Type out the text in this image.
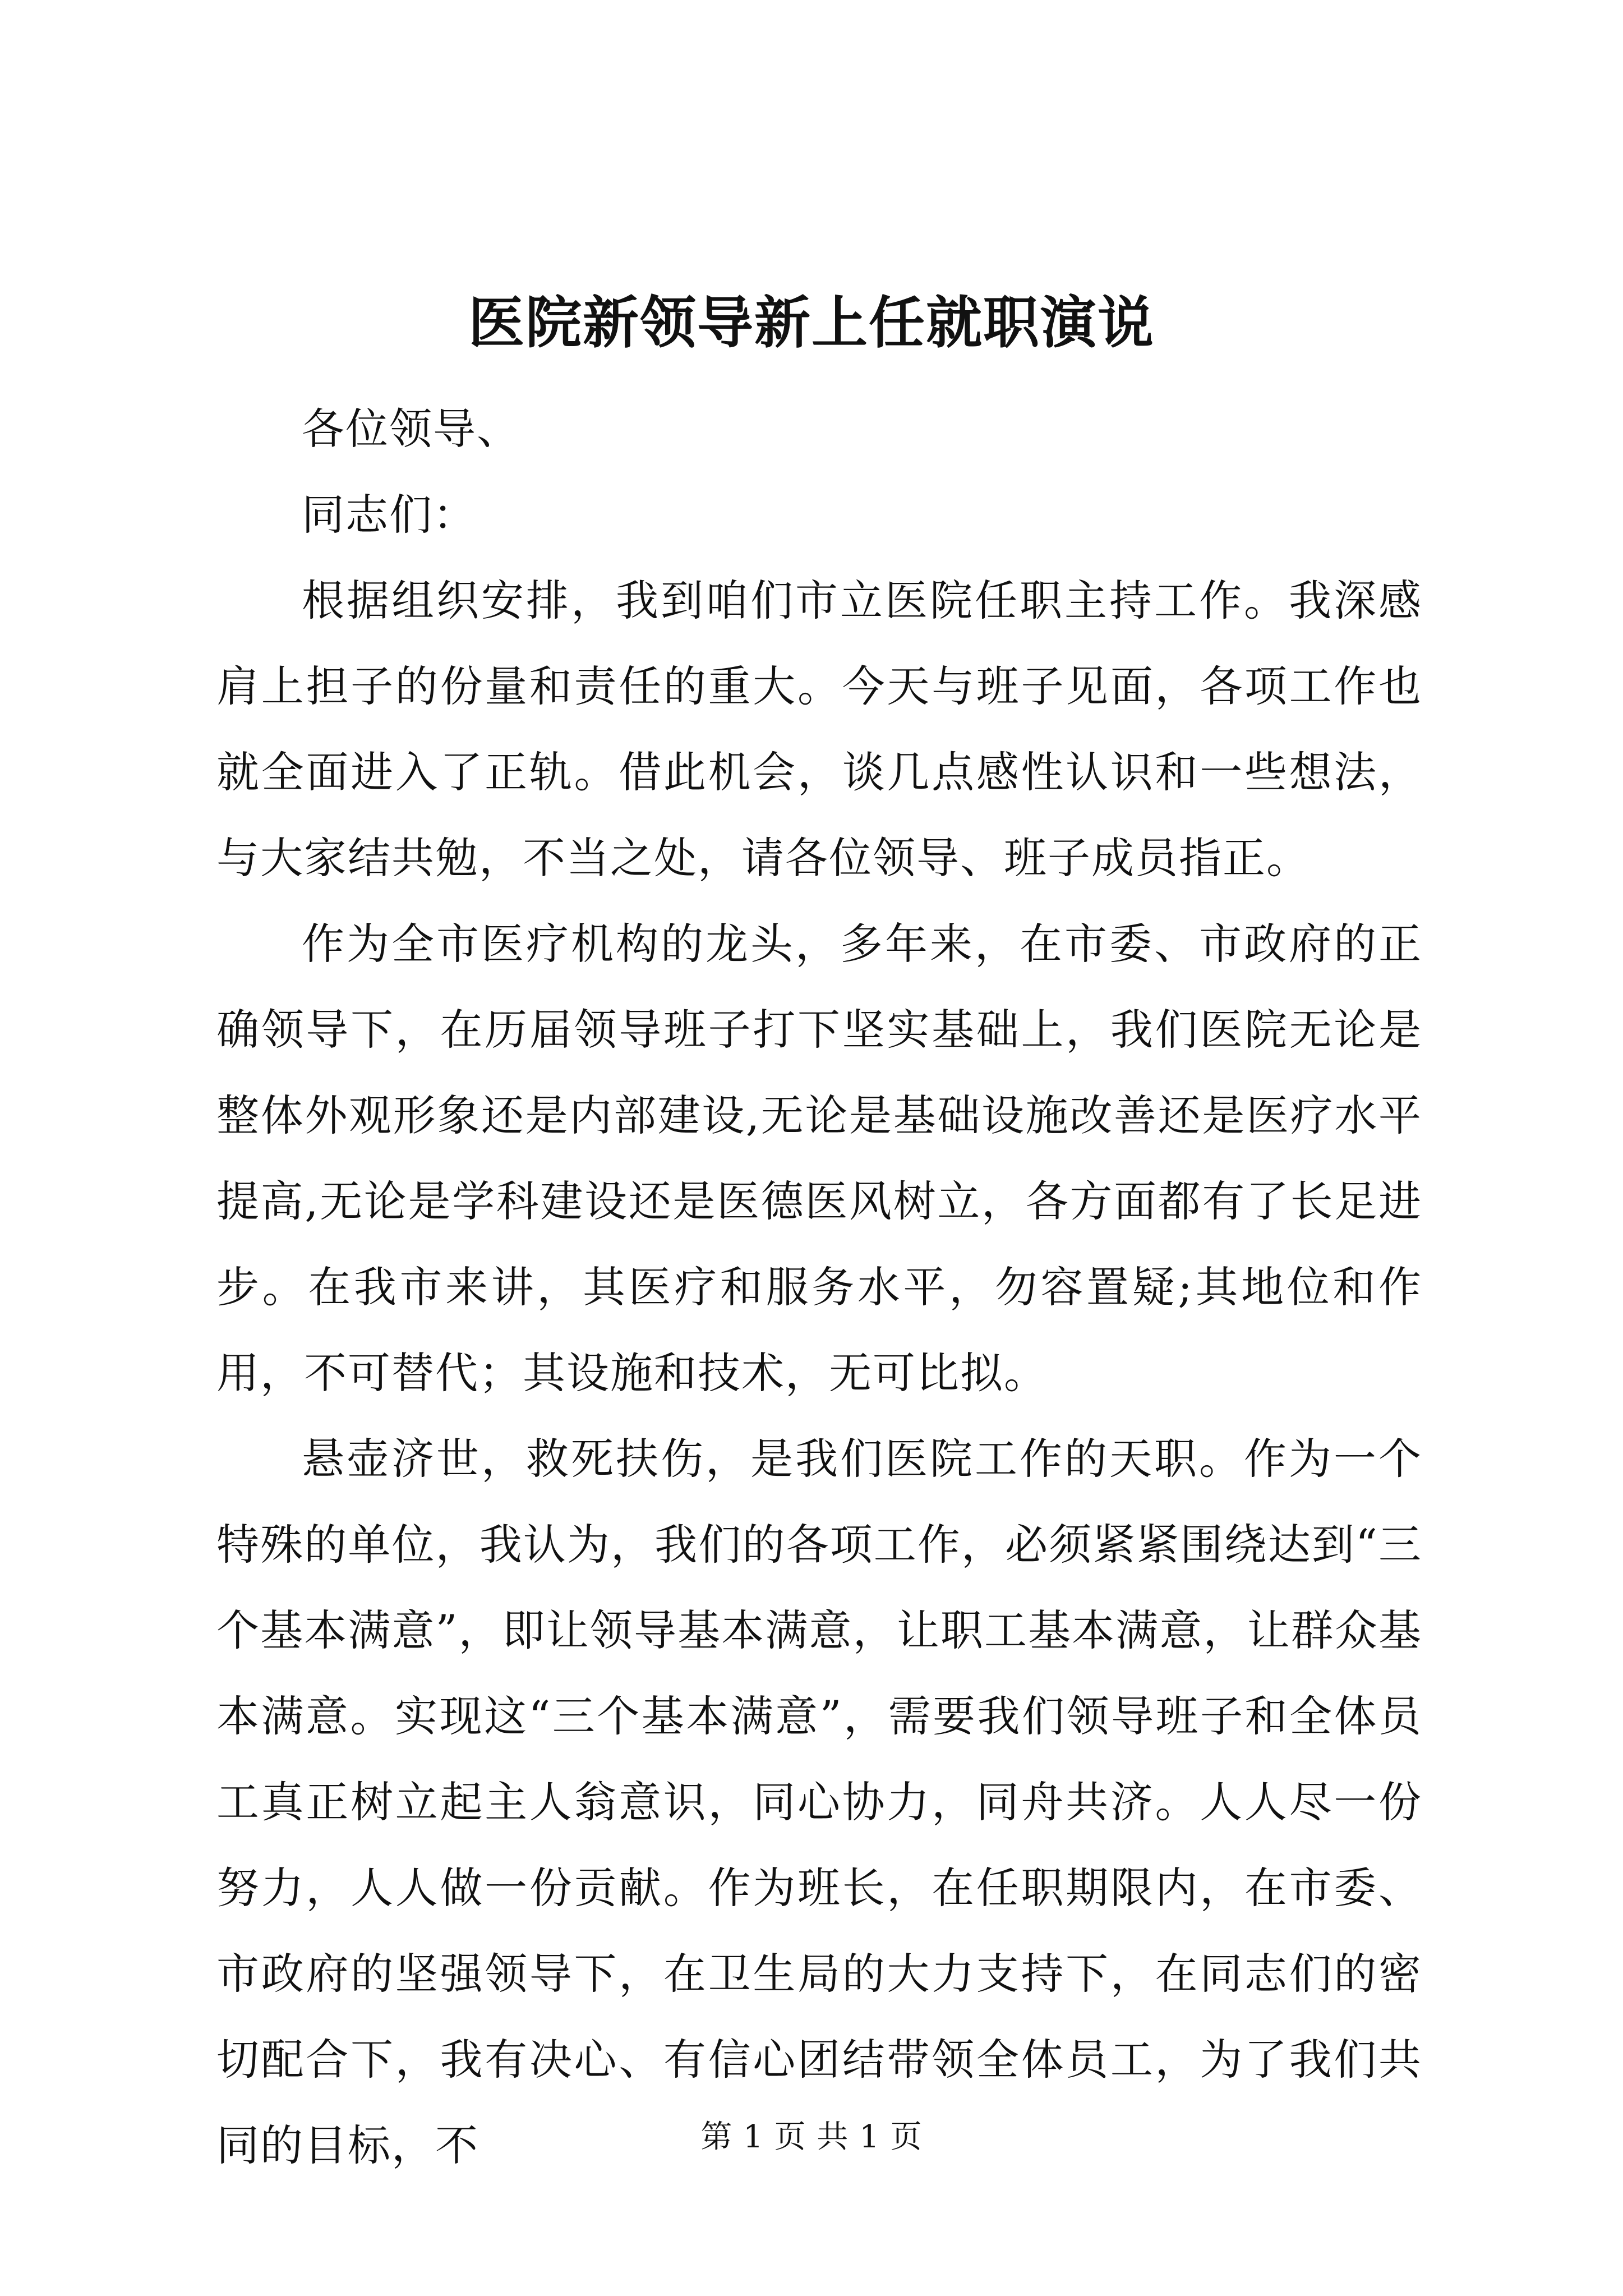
医院新领导新上任就职演说

各位领导、

同志们：

根据组织安排，我到咱们市立医院任职主持工作。我深感肩上担子的份量和责任的重大。今天与班子见面，各项工作也就全面进入了正轨。借此机会，谈几点感性认识和一些想法，与大家结共勉，不当之处，请各位领导、班子成员指正。

作为全市医疗机构的龙头，多年来，在市委、市政府的正确领导下，在历届领导班子打下坚实基础上，我们医院无论是整体外观形象还是内部建设,无论是基础设施改善还是医疗水平提高,无论是学科建设还是医德医风树立，各方面都有了长足进步。在我市来讲，其医疗和服务水平，勿容置疑;其地位和作用，不可替代；其设施和技术，无可比拟。

悬壶济世，救死扶伤，是我们医院工作的天职。作为一个特殊的单位，我认为，我们的各项工作，必须紧紧围绕达到“三个基本满意”，即让领导基本满意，让职工基本满意，让群众基本满意。实现这“三个基本满意”，需要我们领导班子和全体员工真正树立起主人翁意识，同心协力，同舟共济。人人尽一份努力，人人做一份贡献。作为班长，在任职期限内，在市委、市政府的坚强领导下，在卫生局的大力支持下，在同志们的密切配合下，我有决心、有信心团结带领全体员工，为了我们共同的目标，不	第 1 页 共 1 页
